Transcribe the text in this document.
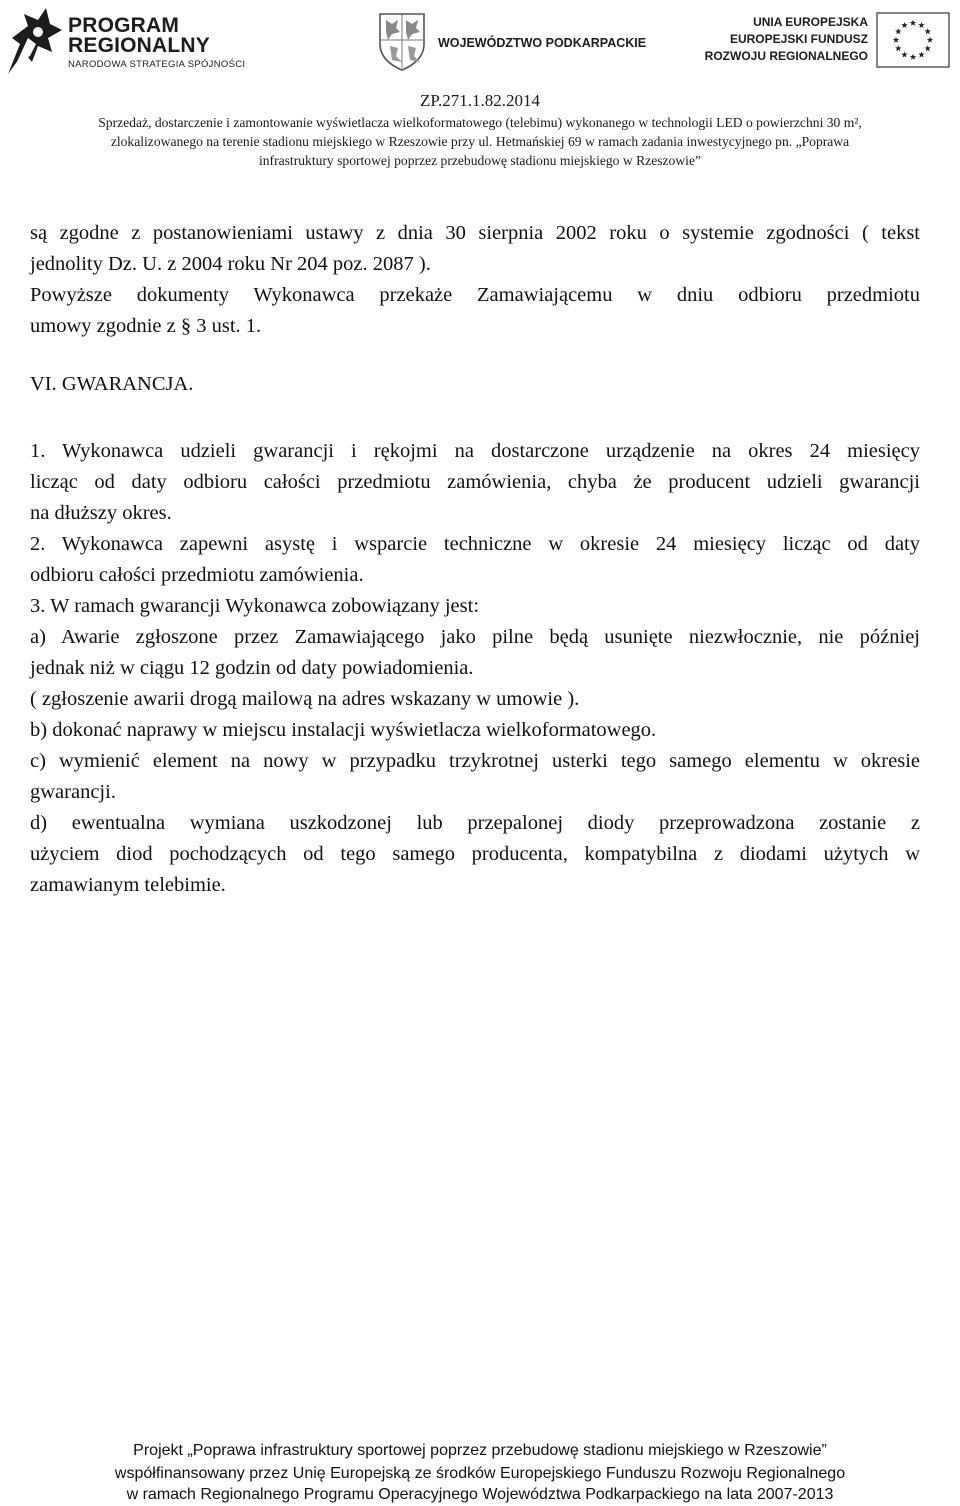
PROGRAM
REGIONALNY
NARODOWA STRATEGIA SPÓJNOŚCI
WOJEWÓDZTWO PODKARPACKIE
UNIA EUROPEJSKA
EUROPEJSKI FUNDUSZ
ROZWOJU REGIONALNEGO
ZP.271.1.82.2014
Sprzedaż, dostarczenie i zamontowanie wyświetlacza wielkoformatowego (telebimu) wykonanego w technologii LED o powierzchni 30 m²,
zlokalizowanego na terenie stadionu miejskiego w Rzeszowie przy ul. Hetmańskiej 69 w ramach zadania inwestycyjnego pn. „Poprawa
infrastruktury sportowej poprzez przebudowę stadionu miejskiego w Rzeszowie”
są zgodne z postanowieniami ustawy z dnia 30 sierpnia 2002 roku o systemie zgodności ( tekst
jednolity Dz. U. z 2004 roku Nr 204 poz. 2087 ).
Powyższe dokumenty Wykonawca przekaże Zamawiającemu w dniu odbioru przedmiotu
umowy zgodnie z § 3 ust. 1.
VI. GWARANCJA.
1. Wykonawca udzieli gwarancji i rękojmi na dostarczone urządzenie na okres 24 miesięcy
licząc od daty odbioru całości przedmiotu zamówienia, chyba że producent udzieli gwarancji
na dłuższy okres.
2. Wykonawca zapewni asystę i wsparcie techniczne w okresie 24 miesięcy licząc od daty
odbioru całości przedmiotu zamówienia.
3. W ramach gwarancji Wykonawca zobowiązany jest:
a) Awarie zgłoszone przez Zamawiającego jako pilne będą usunięte niezwłocznie, nie później
jednak niż w ciągu 12 godzin od daty powiadomienia.
( zgłoszenie awarii drogą mailową na adres wskazany w umowie ).
b) dokonać naprawy w miejscu instalacji wyświetlacza wielkoformatowego.
c) wymienić element na nowy w przypadku trzykrotnej usterki tego samego elementu w okresie
gwarancji.
d) ewentualna wymiana uszkodzonej lub przepalonej diody przeprowadzona zostanie z
użyciem diod pochodzących od tego samego producenta, kompatybilna z diodami użytych w
zamawianym telebimie.
Projekt „Poprawa infrastruktury sportowej poprzez przebudowę stadionu miejskiego w Rzeszowie”
współfinansowany przez Unię Europejską ze środków Europejskiego Funduszu Rozwoju Regionalnego
w ramach Regionalnego Programu Operacyjnego Województwa Podkarpackiego na lata 2007-2013
